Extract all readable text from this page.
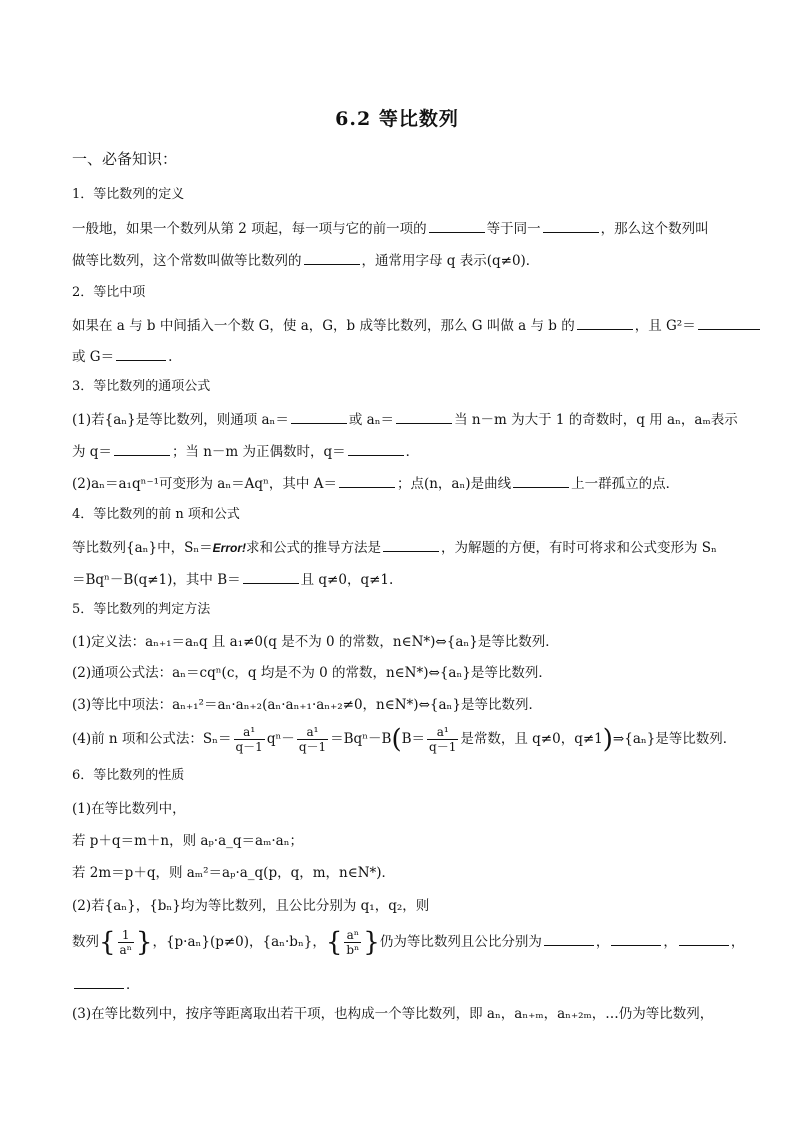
6.2 等比数列
一、必备知识：
1．等比数列的定义
一般地，如果一个数列从第 2 项起，每一项与它的前一项的	等于同一	，那么这个数列叫
做等比数列，这个常数叫做等比数列的	，通常用字母 q 表示(q≠0)．
2．等比中项
如果在 a 与 b 中间插入一个数 G，使 a，G，b 成等比数列，那么 G 叫做 a 与 b 的	，且 G²＝
或 G＝	.
3．等比数列的通项公式
(1)若{aₙ}是等比数列，则通项 aₙ＝	或 aₙ＝	当 n－m 为大于 1 的奇数时，q 用 aₙ，aₘ表示
为 q＝	；当 n－m 为正偶数时，q＝	．
(2)aₙ＝a₁qⁿ⁻¹可变形为 aₙ＝Aqⁿ，其中 A＝	；点(n，aₙ)是曲线	上一群孤立的点．
4．等比数列的前 n 项和公式
等比数列{aₙ}中，Sₙ＝Error!求和公式的推导方法是	，为解题的方便，有时可将求和公式变形为 Sₙ
＝Bqⁿ－B(q≠1)，其中 B＝	且 q≠0，q≠1.
5．等比数列的判定方法
(1)定义法：aₙ₊₁＝aₙq 且 a₁≠0(q 是不为 0 的常数，n∈N*)⇔{aₙ}是等比数列．
(2)通项公式法：aₙ＝cqⁿ(c，q 均是不为 0 的常数，n∈N*)⇔{aₙ}是等比数列．
(3)等比中项法：aₙ₊₁²＝aₙ·aₙ₊₂(aₙ·aₙ₊₁·aₙ₊₂≠0，n∈N*)⇔{aₙ}是等比数列．
(4)前 n 项和公式法：$S_n= \frac{\text{a¹}}{q-1} q^n- \frac{\text{a¹}}{q-1} =Bq^n-B(B= \frac{\text{a¹}}{q-1}$ 是常数，且 q≠0，q≠1)⇒{aₙ}是等比数列．
6．等比数列的性质
(1)在等比数列中，
若 p＋q＝m＋n，则 aₚ·a_q＝aₘ·aₙ；
若 2m＝p＋q，则 aₘ²＝aₚ·a_q(p，q，m，n∈N*)．
(2)若{aₙ}，{bₙ}均为等比数列，且公比分别为 q₁，q₂，则
数列{ $\frac{1}{\text{aⁿ}}$ }，{p·aₙ}(p≠0)，{aₙ·bₙ}，{ $\frac{\text{aⁿ}}{\text{bⁿ}}$ }仍为等比数列且公比分别为	，	，	，
．
(3)在等比数列中，按序等距离取出若干项，也构成一个等比数列，即 aₙ，aₙ₊ₘ，aₙ₊₂ₘ，…仍为等比数列，
